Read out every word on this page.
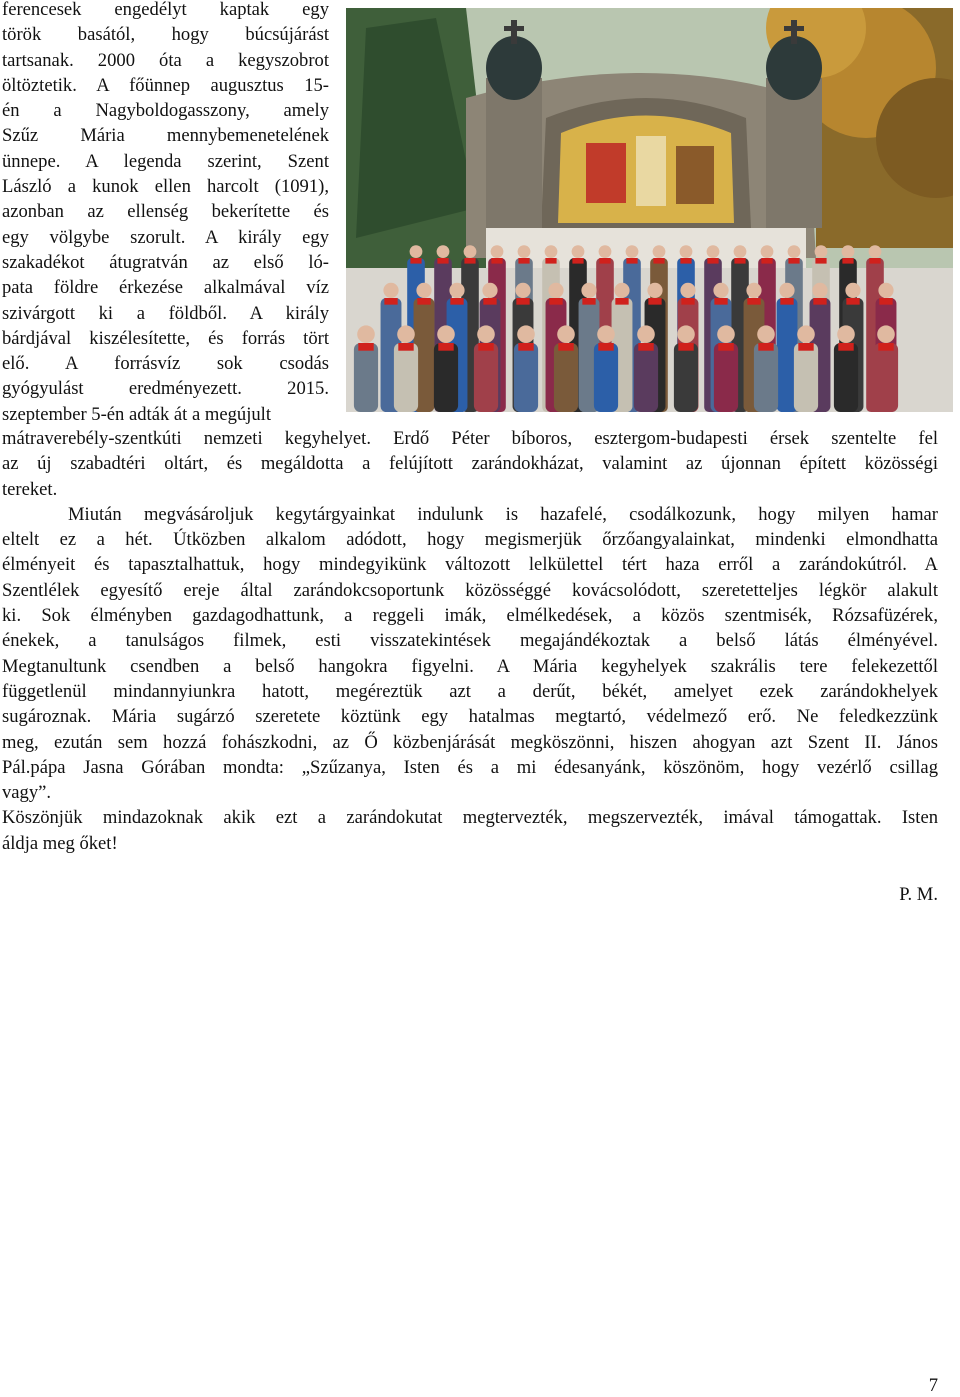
ferencesek engedélyt kaptak egy
török basától, hogy búcsújárást
tartsanak. 2000 óta a kegyszobrot
öltöztetik. A főünnep augusztus 15-
én a Nagyboldogasszony, amely
Szűz Mária mennybemenetelének
ünnepe. A legenda szerint, Szent
László a kunok ellen harcolt (1091),
azonban az ellenség bekerítette és
egy völgybe szorult. A király egy
szakadékot átugratván az első ló-
pata földre érkezése alkalmával víz
szivárgott ki a földből. A király
bárdjával kiszélesítette, és forrás tört
elő. A forrásvíz sok csodás
gyógyulást eredményezett. 2015.
szeptember 5-én adták át a megújult
mátraverebély-szentkúti nemzeti kegyhelyet. Erdő Péter bíboros, esztergom-budapesti érsek szentelte fel
az új szabadtéri oltárt, és megáldotta a felújított zarándokházat, valamint az újonnan épített közösségi
tereket.
Miután megvásároljuk kegytárgyainkat indulunk is hazafelé, csodálkozunk, hogy milyen hamar
eltelt ez a hét. Útközben alkalom adódott, hogy megismerjük őrzőangyalainkat, mindenki elmondhatta
élményeit és tapasztalhattuk, hogy mindegyikünk változott lelkülettel tért haza erről a zarándokútról. A
Szentlélek egyesítő ereje által zarándokcsoportunk közösséggé kovácsolódott, szeretetteljes légkör alakult
ki. Sok élményben gazdagodhattunk, a reggeli imák, elmélkedések, a közös szentmisék, Rózsafüzérek,
énekek, a tanulságos filmek, esti visszatekintések megajándékoztak a belső látás élményével.
Megtanultunk csendben a belső hangokra figyelni. A Mária kegyhelyek szakrális tere felekezettől
függetlenül mindannyiunkra hatott, megéreztük azt a derűt, békét, amelyet ezek zarándokhelyek
sugároznak. Mária sugárzó szeretete köztünk egy hatalmas megtartó, védelmező erő. Ne feledkezzünk
meg, ezután sem hozzá fohászkodni, az Ő közbenjárását megköszönni, hiszen ahogyan azt Szent II. János
Pál.pápa Jasna Górában mondta: „Szűzanya, Isten és a mi édesanyánk, köszönöm, hogy vezérlő csillag
vagy”.
Köszönjük mindazoknak akik ezt a zarándokutat megtervezték, megszervezték, imával támogattak. Isten
áldja meg őket!
P. M.
7
